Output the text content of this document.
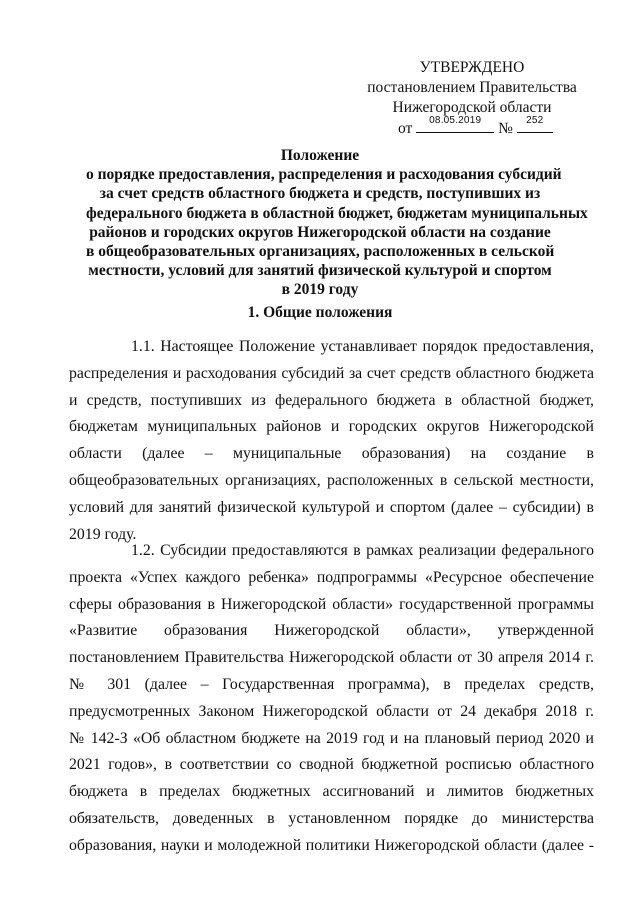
УТВЕРЖДЕНО
постановлением Правительства
Нижегородской области
от	08.05.2019	№	252
Положение
о порядке предоставления, распределения и расходования субсидий
за счет средств областного бюджета и средств, поступивших из
федерального бюджета в областной бюджет, бюджетам муниципальных
районов и городских округов Нижегородской области на создание
в общеобразовательных организациях, расположенных в сельской
местности, условий для занятий физической культурой и спортом
в 2019 году
1. Общие положения
1.1. Настоящее Положение устанавливает порядок предоставления,
распределения и расходования субсидий за счет средств областного бюджета
и средств, поступивших из федерального бюджета в областной бюджет,
бюджетам муниципальных районов и городских округов Нижегородской
области (далее – муниципальные образования) на создание в
общеобразовательных организациях, расположенных в сельской местности,
условий для занятий физической культурой и спортом (далее – субсидии) в
2019 году.
1.2. Субсидии предоставляются в рамках реализации федерального
проекта «Успех каждого ребенка» подпрограммы «Ресурсное обеспечение
сферы образования в Нижегородской области» государственной программы
«Развитие образования Нижегородской области», утвержденной
постановлением Правительства Нижегородской области от 30 апреля 2014 г.
№ 301 (далее – Государственная программа), в пределах средств,
предусмотренных Законом Нижегородской области от 24 декабря 2018 г.
№ 142-З «Об областном бюджете на 2019 год и на плановый период 2020 и
2021 годов», в соответствии со сводной бюджетной росписью областного
бюджета в пределах бюджетных ассигнований и лимитов бюджетных
обязательств, доведенных в установленном порядке до министерства
образования, науки и молодежной политики Нижегородской области (далее -
